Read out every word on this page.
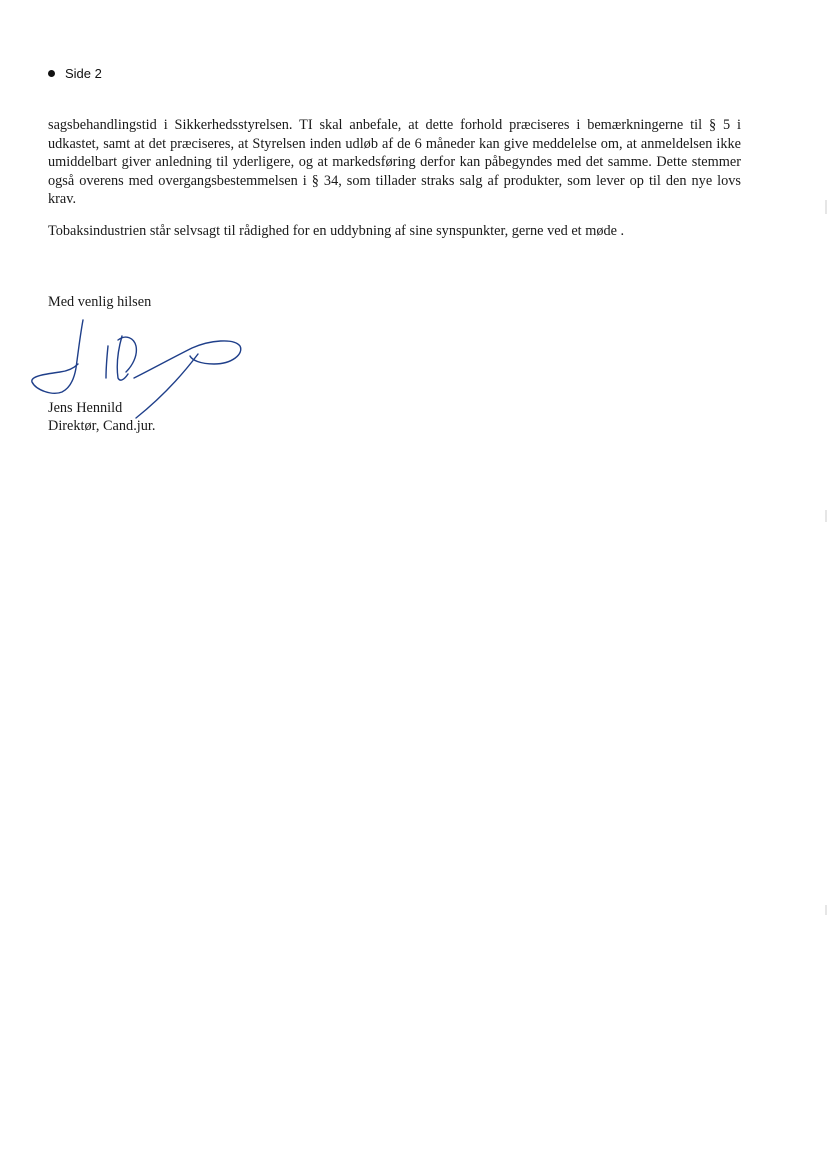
Side 2

sagsbehandlingstid i Sikkerhedsstyrelsen. TI skal anbefale, at dette forhold præciseres i bemærkningerne til § 5 i udkastet, samt at det præciseres, at Styrelsen inden udløb af de 6 måneder kan give meddelelse om, at anmeldelsen ikke umiddelbart giver anledning til yderligere, og at markedsføring derfor kan påbegyndes med det samme. Dette stemmer også overens med overgangsbestemmelsen i § 34, som tillader straks salg af produkter, som lever op til den nye lovs krav.

Tobaksindustrien står selvsagt til rådighed for en uddybning af sine synspunkter, gerne ved et møde .

Med venlig hilsen
Jens Hennild
Direktør, Cand.jur.
